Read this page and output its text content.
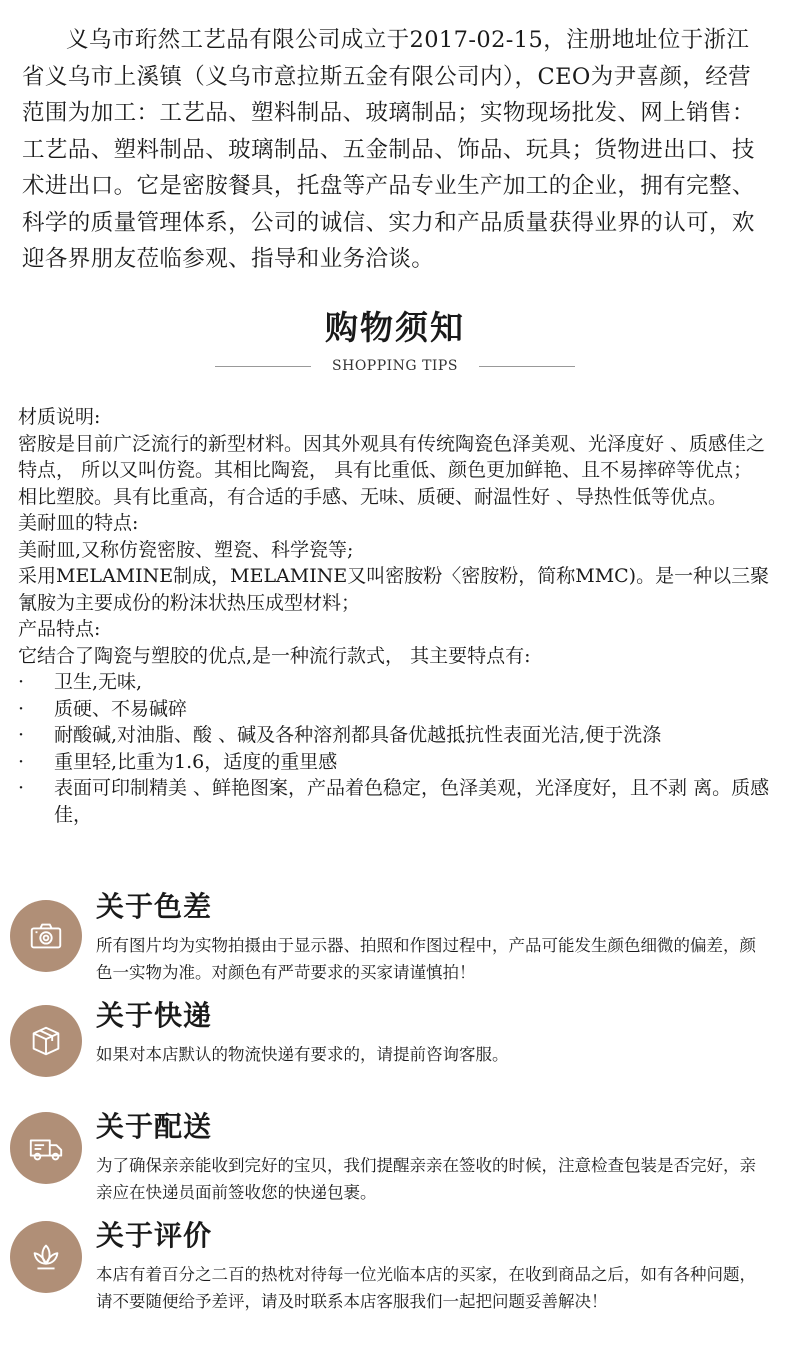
义乌市珩然工艺品有限公司成立于2017-02-15，注册地址位于浙江省义乌市上溪镇（义乌市意拉斯五金有限公司内），CEO为尹喜颜，经营范围为加工：工艺品、塑料制品、玻璃制品；实物现场批发、网上销售：工艺品、塑料制品、玻璃制品、五金制品、饰品、玩具；货物进出口、技术进出口。它是密胺餐具，托盘等产品专业生产加工的企业，拥有完整、科学的质量管理体系，公司的诚信、实力和产品质量获得业界的认可，欢迎各界朋友莅临参观、指导和业务洽谈。

购物须知
SHOPPING TIPS
材质说明:
密胺是目前广泛流行的新型材料。因其外观具有传统陶瓷色泽美观、光泽度好 、质感佳之特点， 所以又叫仿瓷。其相比陶瓷， 具有比重低、颜色更加鲜艳、且不易摔碎等优点；相比塑胶。具有比重高，有合适的手感、无味、质硬、耐温性好 、导热性低等优点。
美耐皿的特点:
美耐皿,又称仿瓷密胺、塑瓷、科学瓷等;
采用MELAMINE制成，MELAMINE又叫密胺粉〈密胺粉，简称MMC)。是一种以三聚氰胺为主要成份的粉沫状热压成型材料；
产品特点:
它结合了陶瓷与塑胶的优点,是一种流行款式， 其主要特点有:
·	卫生,无味,
·	质硬、不易碱碎
·	耐酸碱,对油脂、酸 、碱及各种溶剂都具备优越抵抗性表面光洁,便于洗涤
·	重里轻,比重为1.6，适度的重里感
·	表面可印制精美 、鲜艳图案，产品着色稳定，色泽美观，光泽度好，且不剥 离。质感佳，
关于色差
所有图片均为实物拍摄由于显示器、拍照和作图过程中，产品可能发生颜色细微的偏差，颜色一实物为准。对颜色有严苛要求的买家请谨慎拍！
关于快递
如果对本店默认的物流快递有要求的，请提前咨询客服。
关于配送
为了确保亲亲能收到完好的宝贝，我们提醒亲亲在签收的时候，注意检查包装是否完好，亲亲应在快递员面前签收您的快递包裹。
关于评价
本店有着百分之二百的热枕对待每一位光临本店的买家，在收到商品之后，如有各种问题，请不要随便给予差评，请及时联系本店客服我们一起把问题妥善解决！
